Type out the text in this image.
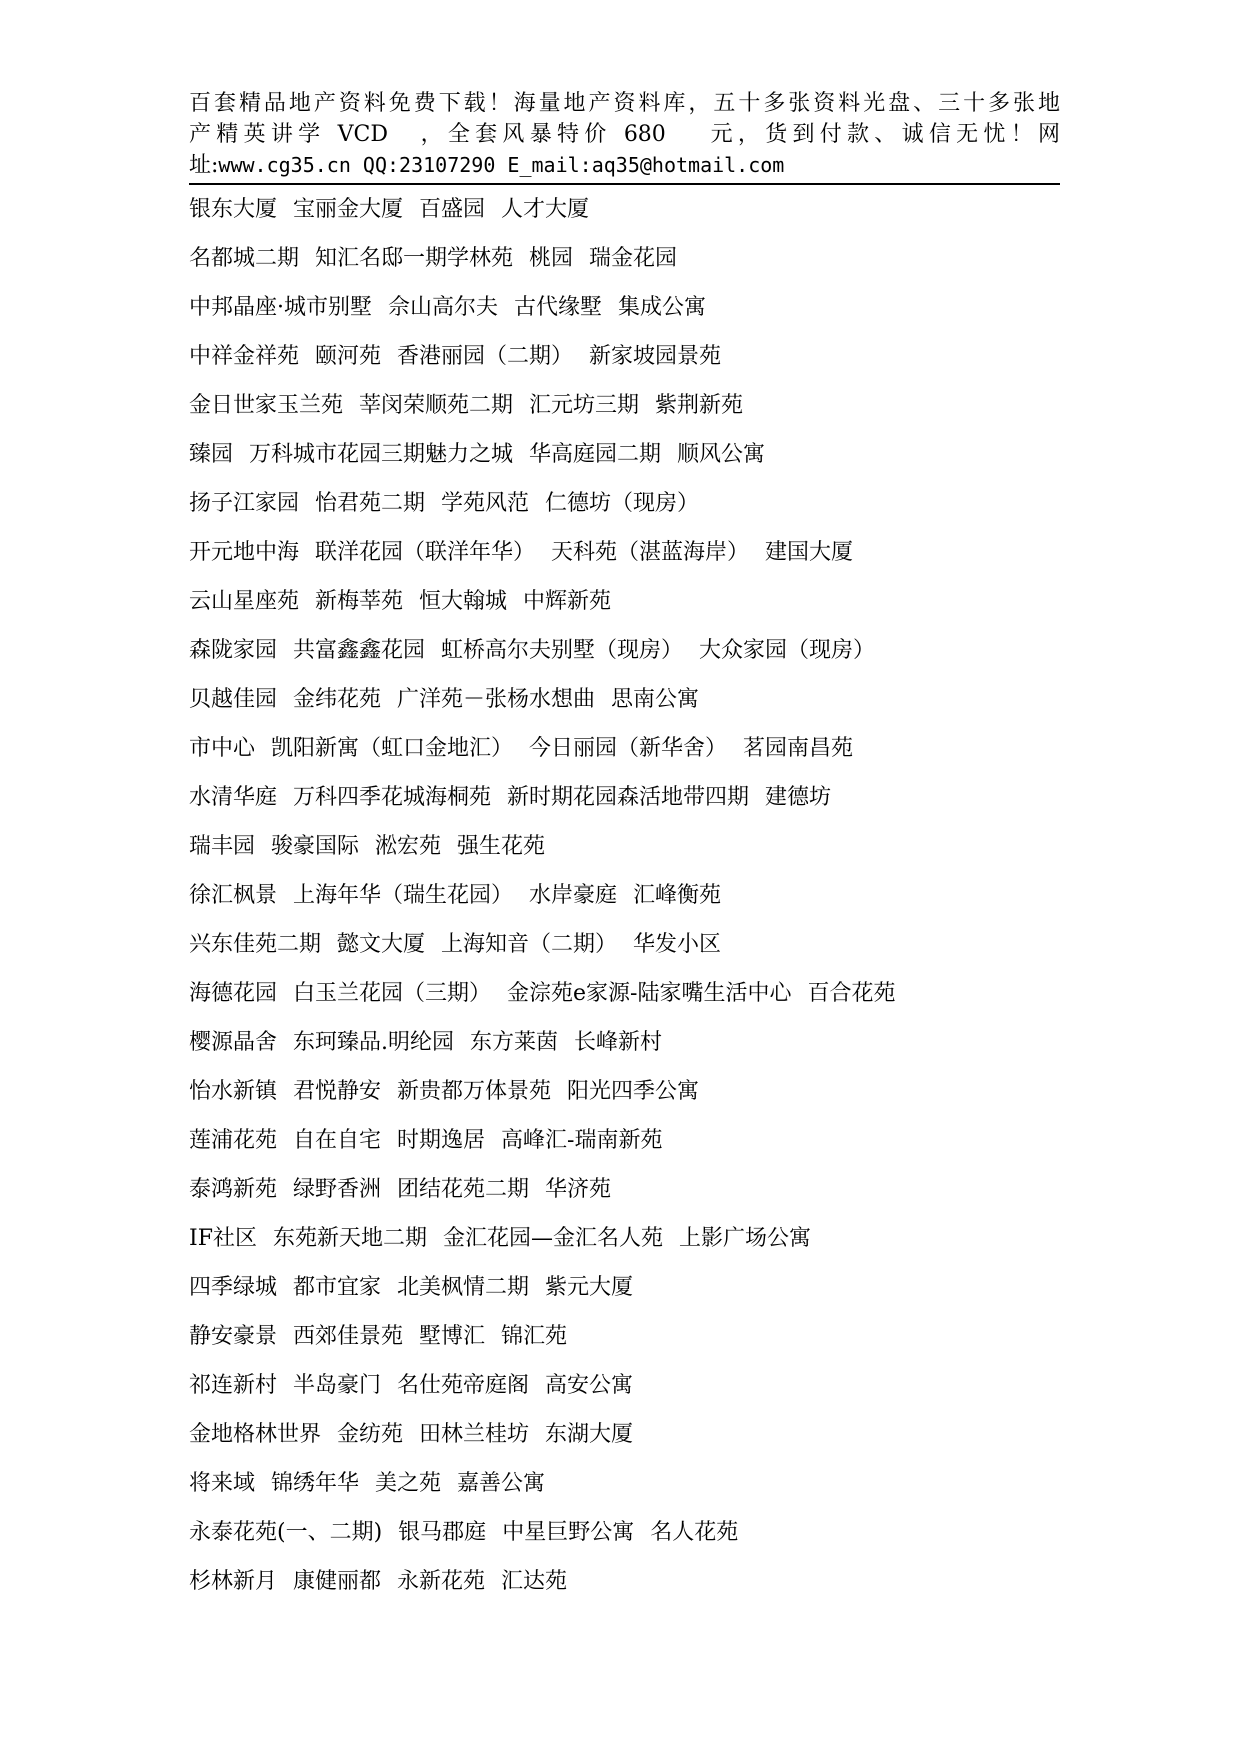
百套精品地产资料免费下载！海量地产资料库，五十多张资料光盘、三十多张地
产精英讲学 VCD　，全套风暴特价 680　 元，货到付款、诚信无忧！网
址:www.cg35.cn QQ:23107290 E_mail:aq35@hotmail.com
银东大厦 宝丽金大厦 百盛园 人才大厦
名都城二期 知汇名邸一期学林苑 桃园 瑞金花园
中邦晶座·城市别墅 佘山高尔夫 古代缘墅 集成公寓
中祥金祥苑 颐河苑 香港丽园（二期） 新家坡园景苑
金日世家玉兰苑 莘闵荣顺苑二期 汇元坊三期 紫荆新苑
臻园 万科城市花园三期魅力之城 华高庭园二期 顺风公寓
扬子江家园 怡君苑二期 学苑风范 仁德坊（现房）
开元地中海 联洋花园（联洋年华） 天科苑（湛蓝海岸） 建国大厦
云山星座苑 新梅莘苑 恒大翰城 中辉新苑
森陇家园 共富鑫鑫花园 虹桥高尔夫别墅（现房） 大众家园（现房）
贝越佳园 金纬花苑 广洋苑－张杨水想曲 思南公寓
市中心 凯阳新寓（虹口金地汇） 今日丽园（新华舍） 茗园南昌苑
水清华庭 万科四季花城海桐苑 新时期花园森活地带四期 建德坊
瑞丰园 骏豪国际 淞宏苑 强生花苑
徐汇枫景 上海年华（瑞生花园） 水岸豪庭 汇峰衡苑
兴东佳苑二期 懿文大厦 上海知音（二期） 华发小区
海德花园 白玉兰花园（三期） 金淙苑e家源-陆家嘴生活中心 百合花苑
樱源晶舍 东珂臻品.明纶园 东方莱茵 长峰新村
怡水新镇 君悦静安 新贵都万体景苑 阳光四季公寓
莲浦花苑 自在自宅 时期逸居 高峰汇-瑞南新苑
泰鸿新苑 绿野香洲 团结花苑二期 华济苑
IF社区 东苑新天地二期 金汇花园—金汇名人苑 上影广场公寓
四季绿城 都市宜家 北美枫情二期 紫元大厦
静安豪景 西郊佳景苑 墅博汇 锦汇苑
祁连新村 半岛豪门 名仕苑帝庭阁 高安公寓
金地格林世界 金纺苑 田林兰桂坊 东湖大厦
将来域 锦绣年华 美之苑 嘉善公寓
永泰花苑(一、二期) 银马郡庭 中星巨野公寓 名人花苑
杉林新月 康健丽都 永新花苑 汇达苑
